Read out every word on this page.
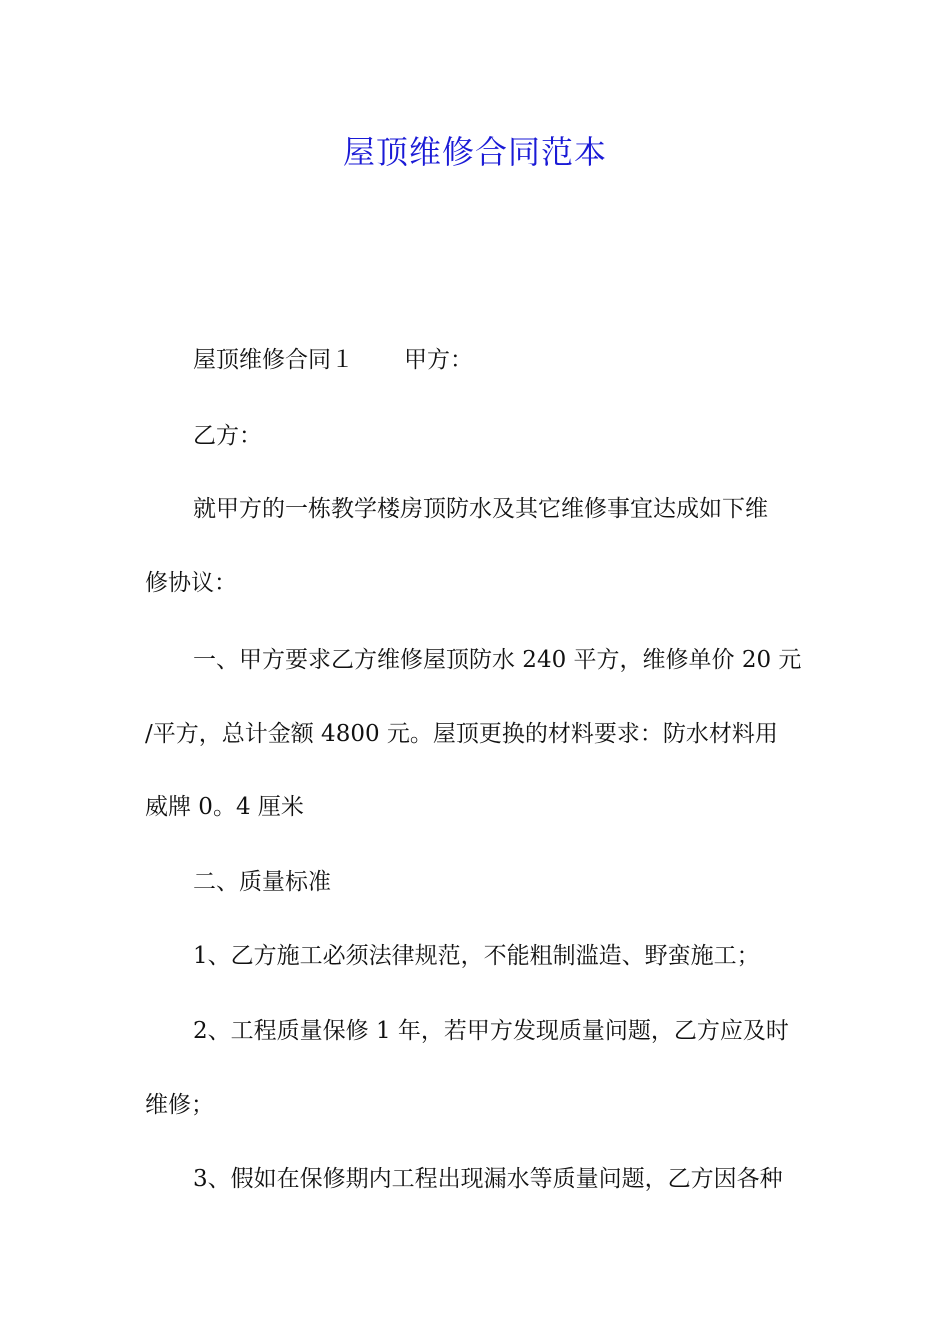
屋顶维修合同范本
屋顶维修合同１ 甲方：
乙方：
就甲方的一栋教学楼房顶防水及其它维修事宜达成如下维
修协议：
一、甲方要求乙方维修屋顶防水 240 平方，维修单价 20 元
/平方，总计金额 4800 元。屋顶更换的材料要求：防水材料用
威牌 0。4 厘米
二、质量标准
1、乙方施工必须法律规范，不能粗制滥造、野蛮施工；
2、工程质量保修 1 年，若甲方发现质量问题，乙方应及时
维修；
3、假如在保修期内工程出现漏水等质量问题，乙方因各种
